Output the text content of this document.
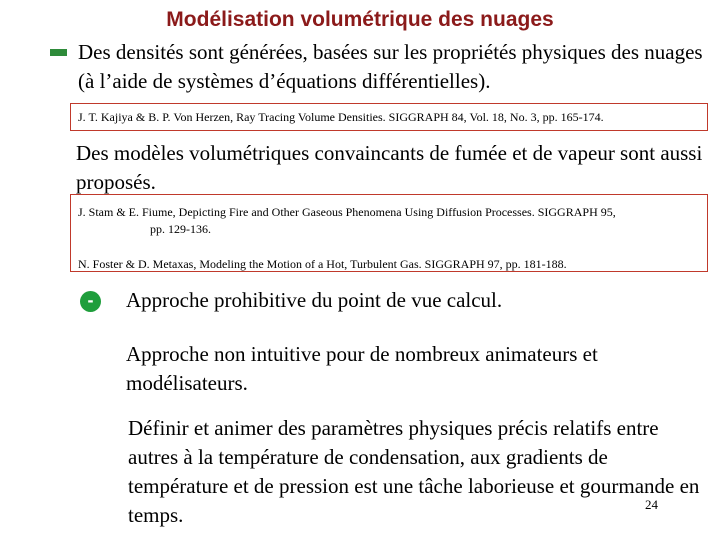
Modélisation volumétrique des nuages
Des densités sont générées, basées sur les propriétés physiques des nuages (à l’aide de systèmes d’équations différentielles).
J. T. Kajiya & B. P. Von Herzen, Ray Tracing Volume Densities. SIGGRAPH 84, Vol. 18, No. 3, pp. 165-174.
Des modèles volumétriques convaincants de fumée et de vapeur sont aussi proposés.
J. Stam & E. Fiume, Depicting Fire and Other Gaseous Phenomena Using Diffusion Processes. SIGGRAPH 95,
pp. 129-136.
N. Foster & D. Metaxas, Modeling the Motion of a Hot, Turbulent Gas. SIGGRAPH 97, pp. 181-188.
-	Approche prohibitive du point de vue calcul.
Approche non intuitive pour de nombreux animateurs et modélisateurs.
Définir et animer des paramètres physiques précis relatifs entre autres à la température de condensation, aux gradients de température et de pression est une tâche laborieuse et gourmande en temps.	24
